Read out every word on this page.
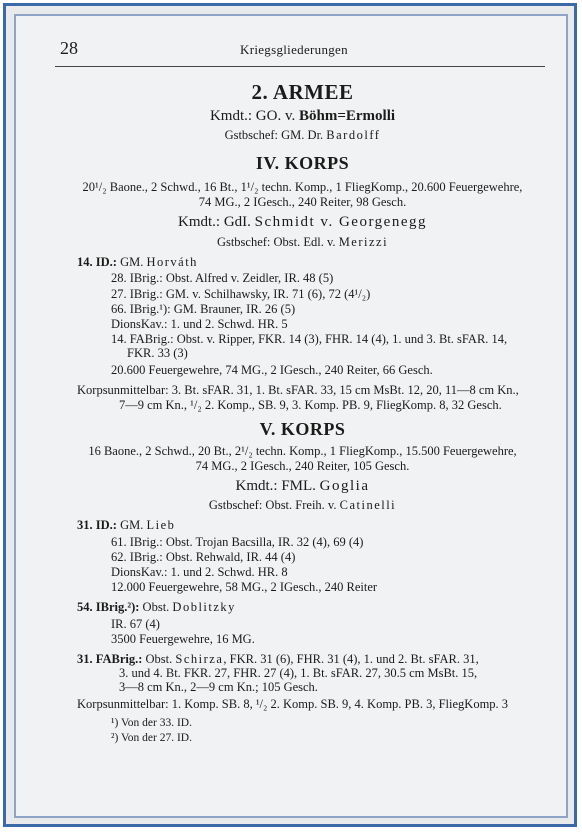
28	Kriegsgliederungen
2. ARMEE
Kmdt.: GO. v. Böhm=Ermolli
Gstbschef: GM. Dr. Bardolff
IV. KORPS
20¹/₂ Baone., 2 Schwd., 16 Bt., 1¹/₂ techn. Komp., 1 FliegKomp., 20.600 Feuergewehre,
74 MG., 2 IGesch., 240 Reiter, 98 Gesch.
Kmdt.: GdI. Schmidt v. Georgenegg
Gstbschef: Obst. Edl. v. Merizzi
14. ID.: GM. Horváth
28. IBrig.: Obst. Alfred v. Zeidler, IR. 48 (5)
27. IBrig.: GM. v. Schilhawsky, IR. 71 (6), 72 (4¹/₂)
66. IBrig.¹): GM. Brauner, IR. 26 (5)
DionsKav.: 1. und 2. Schwd. HR. 5
14. FABrig.: Obst. v. Ripper, FKR. 14 (3), FHR. 14 (4), 1. und 3. Bt. sFAR. 14,
FKR. 33 (3)
20.600 Feuergewehre, 74 MG., 2 IGesch., 240 Reiter, 66 Gesch.
Korpsunmittelbar: 3. Bt. sFAR. 31, 1. Bt. sFAR. 33, 15 cm MsBt. 12, 20, 11—8 cm Kn.,
7—9 cm Kn., ¹/₂ 2. Komp., SB. 9, 3. Komp. PB. 9, FliegKomp. 8, 32 Gesch.
V. KORPS
16 Baone., 2 Schwd., 20 Bt., 2¹/₂ techn. Komp., 1 FliegKomp., 15.500 Feuergewehre,
74 MG., 2 IGesch., 240 Reiter, 105 Gesch.
Kmdt.: FML. Goglia
Gstbschef: Obst. Freih. v. Catinelli
31. ID.: GM. Lieb
61. IBrig.: Obst. Trojan Bacsilla, IR. 32 (4), 69 (4)
62. IBrig.: Obst. Rehwald, IR. 44 (4)
DionsKav.: 1. und 2. Schwd. HR. 8
12.000 Feuergewehre, 58 MG., 2 IGesch., 240 Reiter
54. IBrig.²): Obst. Doblitzky
IR. 67 (4)
3500 Feuergewehre, 16 MG.
31. FABrig.: Obst. Schirza, FKR. 31 (6), FHR. 31 (4), 1. und 2. Bt. sFAR. 31,
3. und 4. Bt. FKR. 27, FHR. 27 (4), 1. Bt. sFAR. 27, 30.5 cm MsBt. 15,
3—8 cm Kn., 2—9 cm Kn.; 105 Gesch.
Korpsunmittelbar: 1. Komp. SB. 8, ¹/₂ 2. Komp. SB. 9, 4. Komp. PB. 3, FliegKomp. 3
¹) Von der 33. ID.
²) Von der 27. ID.
